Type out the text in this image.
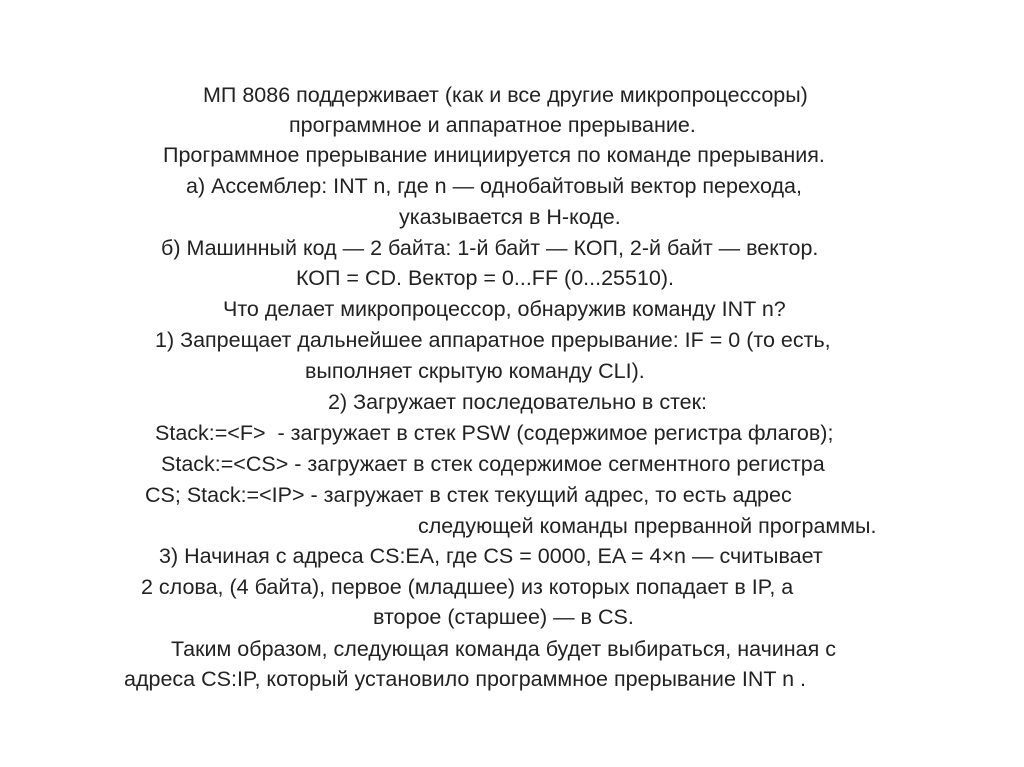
МП 8086 поддерживает (как и все другие микропроцессоры)
программное и аппаратное прерывание.
Программное прерывание инициируется по команде прерывания.
а) Ассемблер: INT n, где n — однобайтовый вектор перехода,
указывается в Н-коде.
б) Машинный код — 2 байта: 1-й байт — КОП, 2-й байт — вектор.
КОП = CD. Вектор = 0...FF (0...25510).
Что делает микропроцессор, обнаружив команду INT n?
1) Запрещает дальнейшее аппаратное прерывание: IF = 0 (то есть,
выполняет скрытую команду CLI).
2) Загружает последовательно в стек:
Stack:=<F>  - загружает в стек PSW (содержимое регистра флагов);
Stack:=<CS> - загружает в стек содержимое сегментного регистра
CS; Stack:=<IP> - загружает в стек текущий адрес, то есть адрес
следующей команды прерванной программы.
3) Начиная с адреса CS:EA, где CS = 0000, EA = 4×n — считывает
2 слова, (4 байта), первое (младшее) из которых попадает в IP, а
второе (старшее) — в CS.
Таким образом, следующая команда будет выбираться, начиная с
адреса CS:IP, который установило программное прерывание INT n .
